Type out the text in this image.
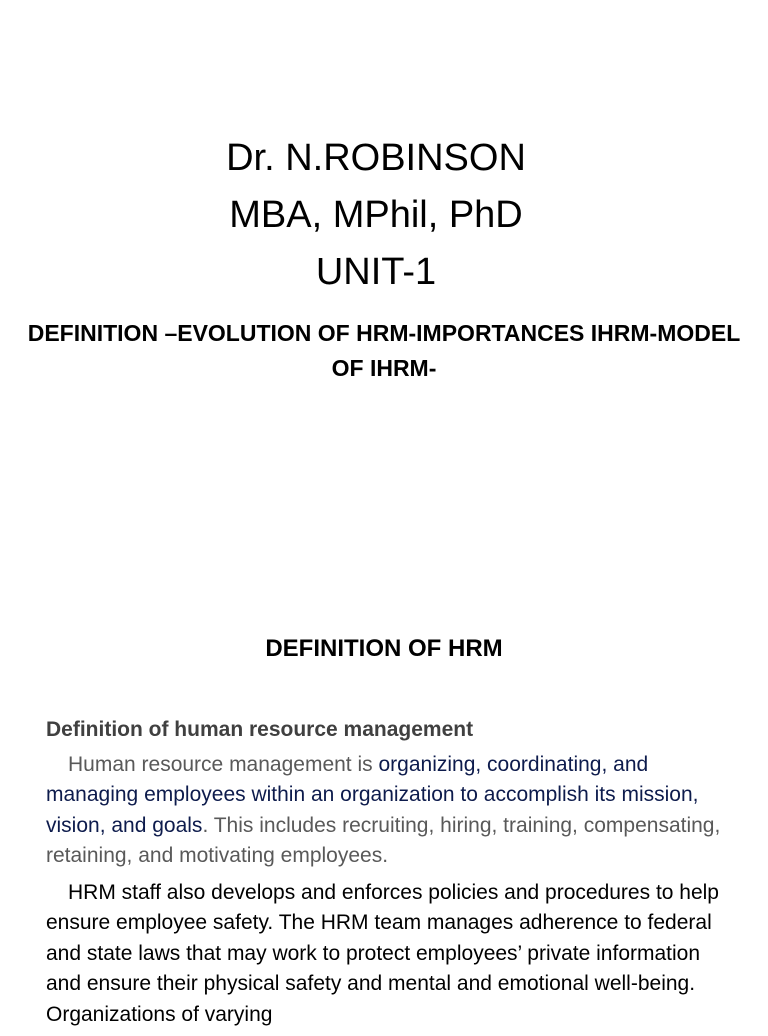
Dr. N.ROBINSON
MBA, MPhil, PhD
UNIT-1
DEFINITION –EVOLUTION OF HRM-IMPORTANCES IHRM-MODEL OF IHRM-
DEFINITION OF HRM
Definition of human resource management

Human resource management is organizing, coordinating, and managing employees within an organization to accomplish its mission, vision, and goals. This includes recruiting, hiring, training, compensating, retaining, and motivating employees.

HRM staff also develops and enforces policies and procedures to help ensure employee safety. The HRM team manages adherence to federal and state laws that may work to protect employees’ private information and ensure their physical safety and mental and emotional well-being. Organizations of varying
